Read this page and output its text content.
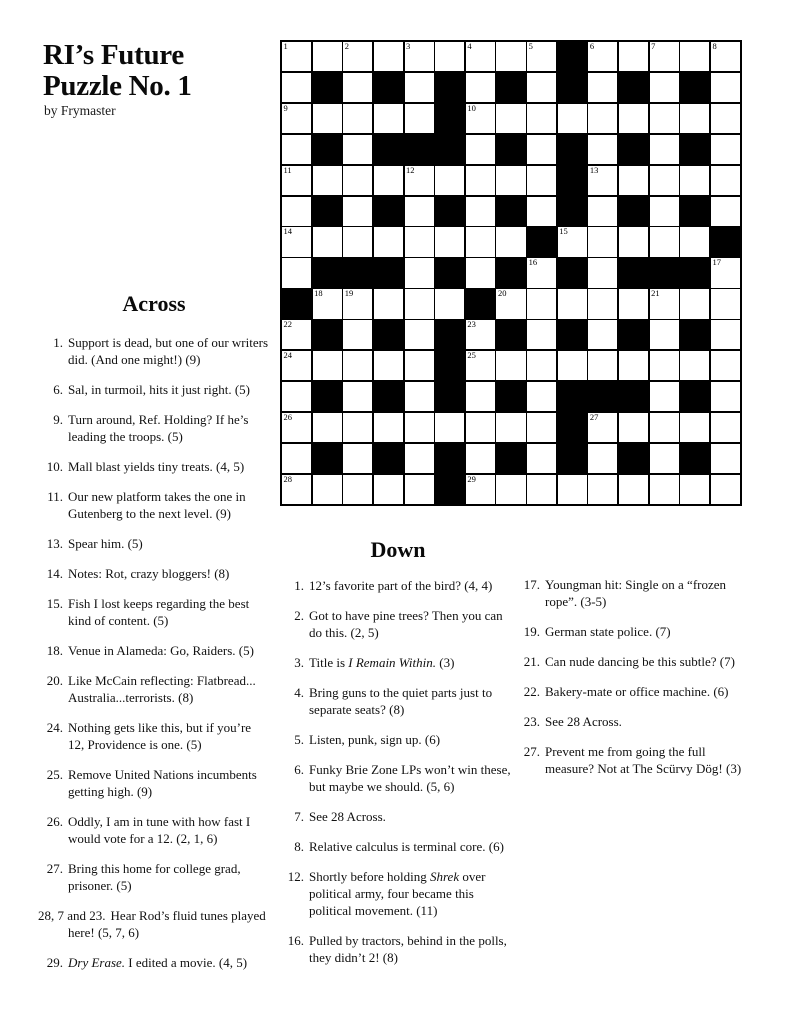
RI’s Future
Puzzle No. 1
by Frymaster
1	2	3	4	5	6	7	8
9	10
11	12	13
14	15
16	17
18	19	20	21
22	23
24	25
26	27
28	29
Across
1. Support is dead, but one of our writers did. (And one might!) (9)
6. Sal, in turmoil, hits it just right. (5)
9. Turn around, Ref. Holding? If he’s leading the troops. (5)
10. Mall blast yields tiny treats. (4, 5)
11. Our new platform takes the one in Gutenberg to the next level. (9)
13. Spear him. (5)
14. Notes: Rot, crazy bloggers! (8)
15. Fish I lost keeps regarding the best kind of content. (5)
18. Venue in Alameda: Go, Raiders. (5)
20. Like McCain reflecting: Flatbread... Australia...terrorists. (8)
24. Nothing gets like this, but if you’re 12, Providence is one. (5)
25. Remove United Nations incumbents getting high. (9)
26. Oddly, I am in tune with how fast I would vote for a 12. (2, 1, 6)
27. Bring this home for college grad, prisoner. (5)
28, 7 and 23. Hear Rod’s fluid tunes played here! (5, 7, 6)
29. Dry Erase. I edited a movie. (4, 5)
Down
1. 12’s favorite part of the bird? (4, 4)
2. Got to have pine trees? Then you can do this. (2, 5)
3. Title is I Remain Within. (3)
4. Bring guns to the quiet parts just to separate seats? (8)
5. Listen, punk, sign up. (6)
6. Funky Brie Zone LPs won’t win these, but maybe we should. (5, 6)
7. See 28 Across.
8. Relative calculus is terminal core. (6)
12. Shortly before holding Shrek over political army, four became this political movement. (11)
16. Pulled by tractors, behind in the polls, they didn’t 2! (8)
17. Youngman hit: Single on a “frozen rope”. (3-5)
19. German state police. (7)
21. Can nude dancing be this subtle? (7)
22. Bakery-mate or office machine. (6)
23. See 28 Across.
27. Prevent me from going the full measure? Not at The Scürvy Dög! (3)
